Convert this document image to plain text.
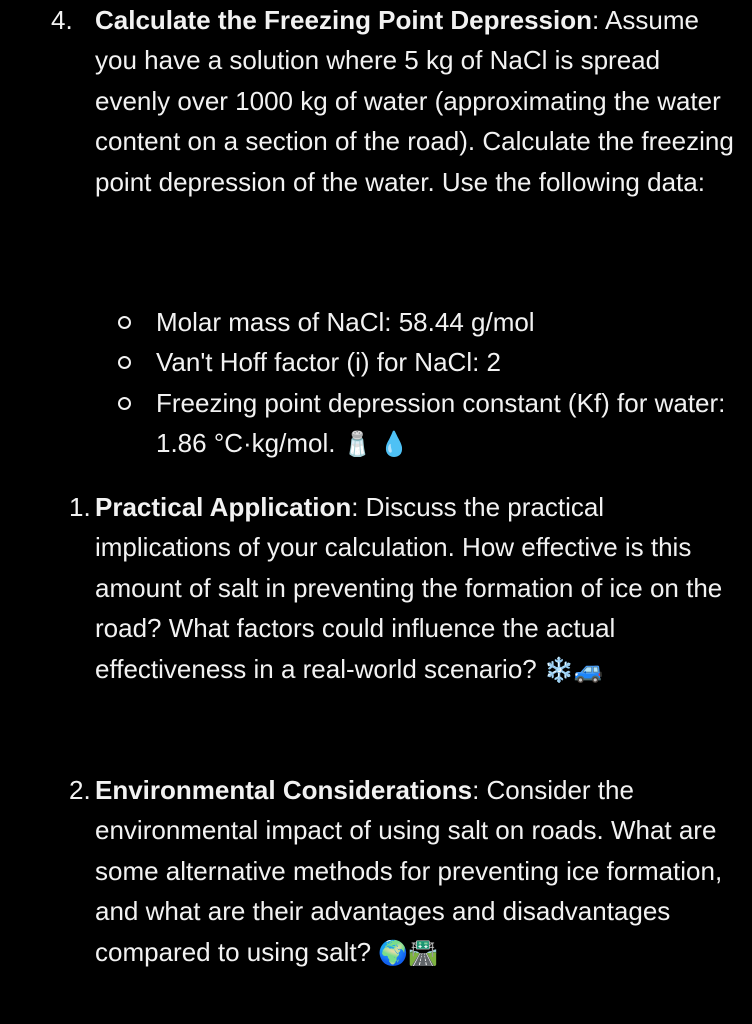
4. Calculate the Freezing Point Depression: Assume you have a solution where 5 kg of NaCl is spread evenly over 1000 kg of water (approximating the water content on a section of the road). Calculate the freezing point depression of the water. Use the following data:
Molar mass of NaCl: 58.44 g/mol
Van't Hoff factor (i) for NaCl: 2
Freezing point depression constant (Kf) for water: 1.86 °C·kg/mol. 🧂 💧
1. Practical Application: Discuss the practical implications of your calculation. How effective is this amount of salt in preventing the formation of ice on the road? What factors could influence the actual effectiveness in a real-world scenario? ❄️🚙
2. Environmental Considerations: Consider the environmental impact of using salt on roads. What are some alternative methods for preventing ice formation, and what are their advantages and disadvantages compared to using salt? 🌍🛣️
